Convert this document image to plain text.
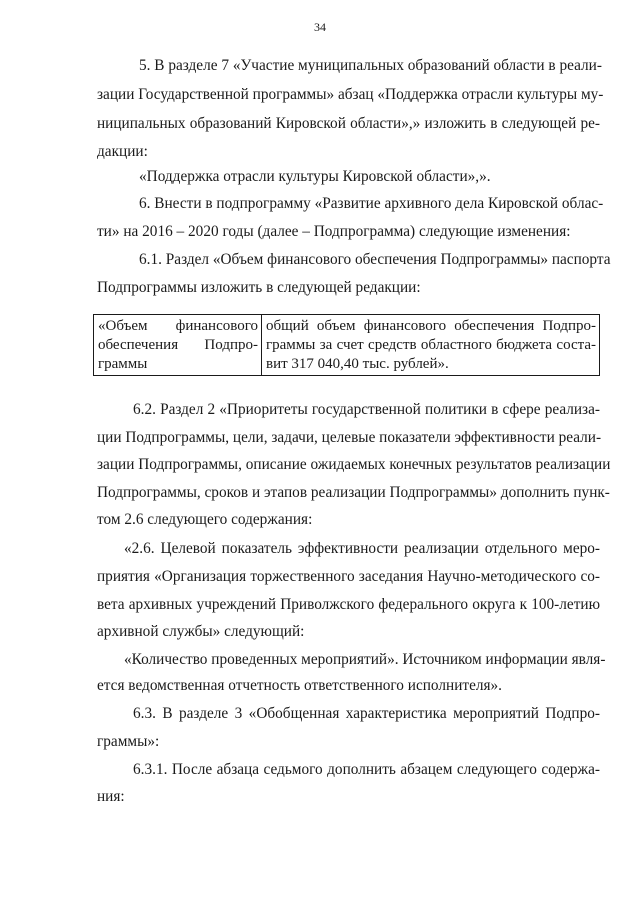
34
5. В разделе 7 «Участие муниципальных образований области в реали-
зации Государственной программы» абзац «Поддержка отрасли культуры му-
ниципальных образований Кировской области»,» изложить в следующей ре-
дакции:
«Поддержка отрасли культуры Кировской области»,».
6. Внести в подпрограмму «Развитие архивного дела Кировской облас-
ти» на 2016 – 2020 годы (далее – Подпрограмма) следующие изменения:
6.1. Раздел «Объем финансового обеспечения Подпрограммы» паспорта
Подпрограммы изложить в следующей редакции:
«Объем финансового
обеспечения Подпро-
граммы
общий объем финансового обеспечения Подпро-
граммы за счет средств областного бюджета соста-
вит 317 040,40 тыс. рублей».
6.2. Раздел 2 «Приоритеты государственной политики в сфере реализа-
ции Подпрограммы, цели, задачи, целевые показатели эффективности реали-
зации Подпрограммы, описание ожидаемых конечных результатов реализации
Подпрограммы, сроков и этапов реализации Подпрограммы» дополнить пунк-
том 2.6 следующего содержания:
«2.6. Целевой показатель эффективности реализации отдельного меро-
приятия «Организация торжественного заседания Научно-методического со-
вета архивных учреждений Приволжского федерального округа к 100-летию
архивной службы» следующий:
«Количество проведенных мероприятий». Источником информации явля-
ется ведомственная отчетность ответственного исполнителя».
6.3. В разделе 3 «Обобщенная характеристика мероприятий Подпро-
граммы»:
6.3.1. После абзаца седьмого дополнить абзацем следующего содержа-
ния:
